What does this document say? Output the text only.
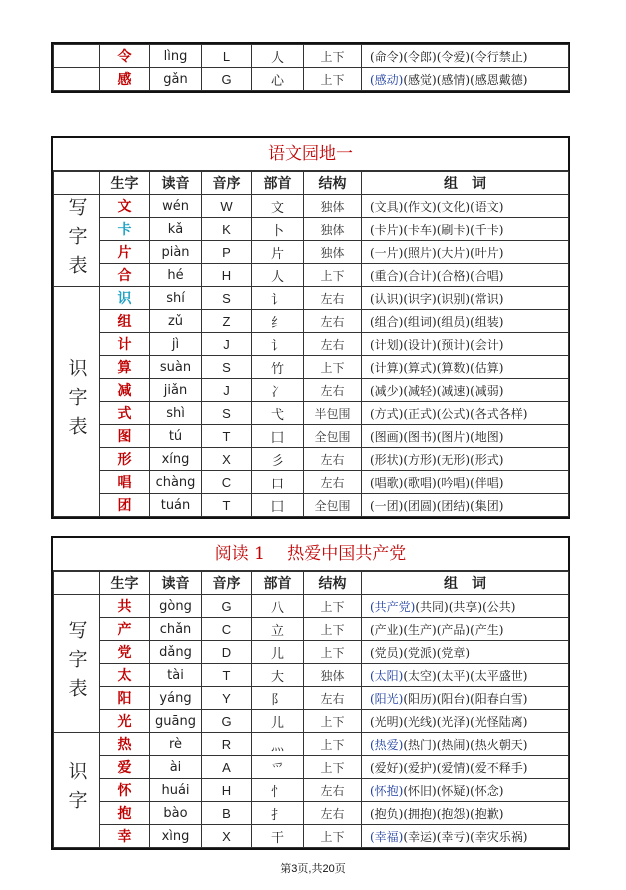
	令	lìng	L	人	上下	(命令)(令郎)(令爱)(令行禁止)
	感	gǎn	G	心	上下	(感动)(感觉)(感情)(感恩戴德)
语文园地一
	生字	读音	音序	部首	结构	组　词

写字表	文	wén	W	文	独体	(文具)(作文)(文化)(语文)
	卡	kǎ	K	卜	独体	(卡片)(卡车)(刷卡)(千卡)
	片	piàn	P	片	独体	(一片)(照片)(大片)(叶片)
	合	hé	H	人	上下	(重合)(合计)(合格)(合唱)

识字表	识	shí	S	讠	左右	(认识)(识字)(识别)(常识)
	组	zǔ	Z	纟	左右	(组合)(组词)(组员)(组装)
	计	jì	J	讠	左右	(计划)(设计)(预计)(会计)
	算	suàn	S	竹	上下	(计算)(算式)(算数)(估算)
	减	jiǎn	J	冫	左右	(减少)(减轻)(减速)(减弱)
	式	shì	S	弋	半包围	(方式)(正式)(公式)(各式各样)
	图	tú	T	囗	全包围	(图画)(图书)(图片)(地图)
	形	xíng	X	彡	左右	(形状)(方形)(无形)(形式)
	唱	chàng	C	口	左右	(唱歌)(歌唱)(吟唱)(伴唱)
	团	tuán	T	囗	全包围	(一团)(团圆)(团结)(集团)
阅读 1　 热爱中国共产党
	生字	读音	音序	部首	结构	组　词

写字表	共	gòng	G	八	上下	(共产党)(共同)(共享)(公共)
	产	chǎn	C	立	上下	(产业)(生产)(产品)(产生)
	党	dǎng	D	儿	上下	(党员)(党派)(党章)
	太	tài	T	大	独体	(太阳)(太空)(太平)(太平盛世)
	阳	yáng	Y	阝	左右	(阳光)(阳历)(阳台)(阳春白雪)
	光	guāng	G	儿	上下	(光明)(光线)(光泽)(光怪陆离)

识字	热	rè	R	灬	上下	(热爱)(热门)(热闹)(热火朝天)
	爱	ài	A	爫	上下	(爱好)(爱护)(爱情)(爱不释手)
	怀	huái	H	忄	左右	(怀抱)(怀旧)(怀疑)(怀念)
	抱	bào	B	扌	左右	(抱负)(拥抱)(抱怨)(抱歉)
	幸	xìng	X	干	上下	(幸福)(幸运)(幸亏)(幸灾乐祸)
第3页,共20页
